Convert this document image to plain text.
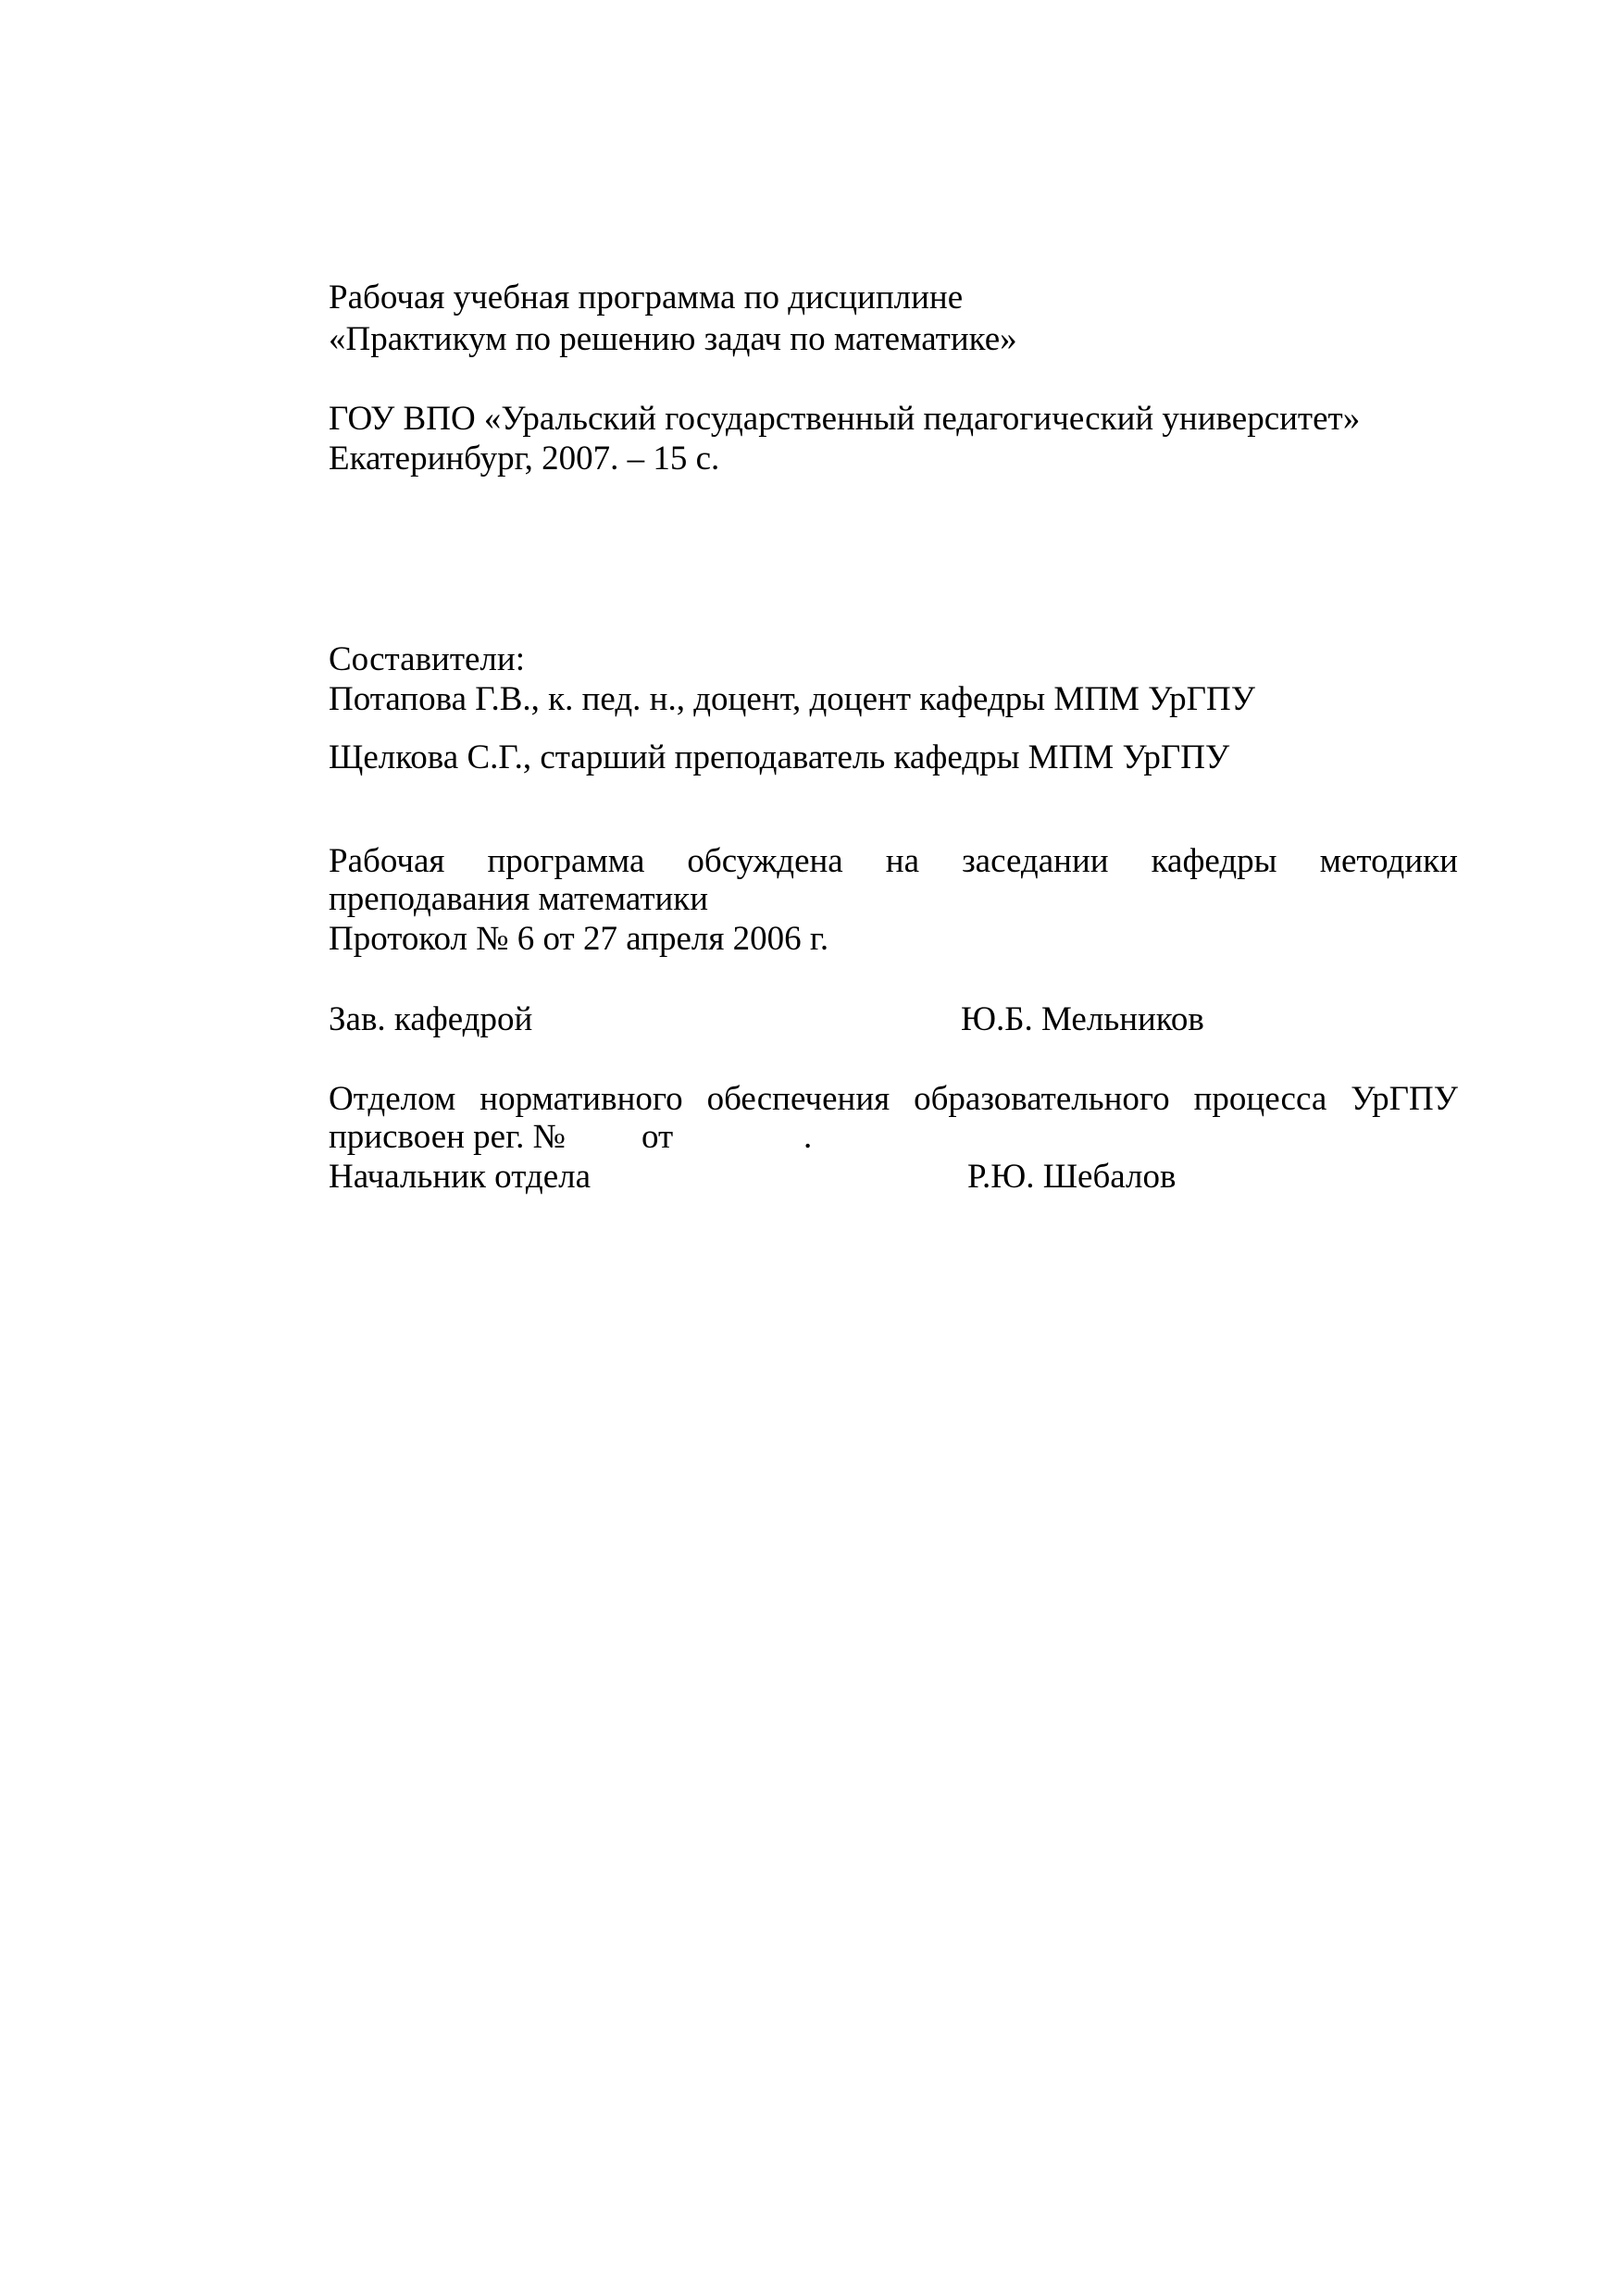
Рабочая учебная программа по дисциплине
«Практикум по решению задач по математике»
ГОУ ВПО «Уральский государственный педагогический университет»
Екатеринбург, 2007. – 15 с.
Составители:
Потапова Г.В., к. пед. н., доцент, доцент кафедры МПМ УрГПУ
Щелкова С.Г., старший преподаватель кафедры МПМ УрГПУ
Рабочая программа обсуждена на заседании кафедры методики
преподавания математики
Протокол № 6 от 27 апреля 2006 г.
Зав. кафедрой	Ю.Б. Мельников
Отделом нормативного обеспечения образовательного процесса УрГПУ
присвоен рег. № от	.
Начальник отдела	Р.Ю. Шебалов
